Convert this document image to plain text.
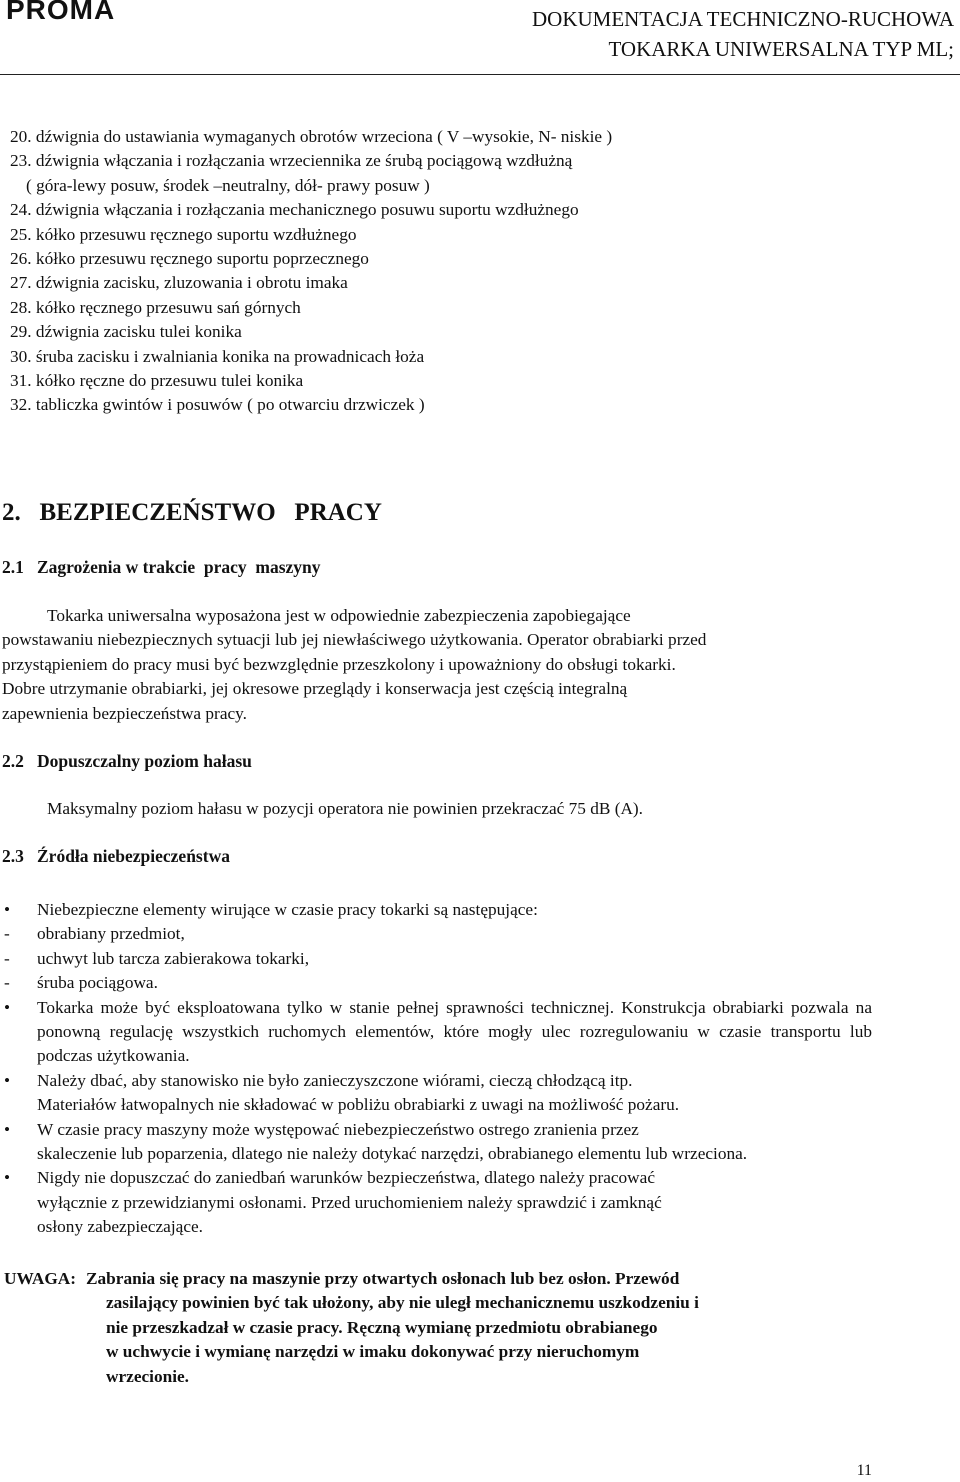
PROMA	DOKUMENTACJA TECHNICZNO-RUCHOWA
TOKARKA UNIWERSALNA TYP ML;
20. dźwignia do ustawiania wymaganych obrotów wrzeciona ( V –wysokie, N- niskie )
23. dźwignia włączania i rozłączania wrzeciennika ze śrubą pociągową wzdłużną
( góra-lewy posuw, środek –neutralny, dół- prawy posuw )
24. dźwignia włączania i rozłączania mechanicznego posuwu suportu wzdłużnego
25. kółko przesuwu ręcznego suportu wzdłużnego
26. kółko przesuwu ręcznego suportu poprzecznego
27. dźwignia zacisku, zluzowania i obrotu imaka
28. kółko ręcznego przesuwu sań górnych
29. dźwignia zacisku tulei konika
30. śruba zacisku i zwalniania konika na prowadnicach łoża
31. kółko ręczne do przesuwu tulei konika
32. tabliczka gwintów i posuwów ( po otwarciu drzwiczek )
2.   BEZPIECZEŃSTWO   PRACY
2.1   Zagrożenia w trakcie  pracy  maszyny
Tokarka uniwersalna wyposażona jest w odpowiednie zabezpieczenia zapobiegające
powstawaniu niebezpiecznych sytuacji lub jej niewłaściwego użytkowania. Operator obrabiarki przed
przystąpieniem do pracy musi być bezwzględnie przeszkolony i upoważniony do obsługi tokarki.
Dobre utrzymanie obrabiarki, jej okresowe przeglądy i konserwacja jest częścią integralną
zapewnienia bezpieczeństwa pracy.
2.2   Dopuszczalny poziom hałasu
Maksymalny poziom hałasu w pozycji operatora nie powinien przekraczać 75 dB (A).
2.3   Źródła niebezpieczeństwa
• Niebezpieczne elementy wirujące w czasie pracy tokarki są następujące:
- obrabiany przedmiot,
- uchwyt lub tarcza zabierakowa tokarki,
- śruba pociągowa.
• Tokarka może być eksploatowana tylko w stanie pełnej sprawności technicznej. Konstrukcja obrabiarki pozwala na ponowną regulację wszystkich ruchomych elementów, które mogły ulec rozregulowaniu w czasie transportu lub podczas użytkowania.
• Należy dbać, aby stanowisko nie było zanieczyszczone wiórami, cieczą chłodzącą itp.
Materiałów łatwopalnych nie składować w pobliżu obrabiarki z uwagi na możliwość pożaru.
• W czasie pracy maszyny może występować niebezpieczeństwo ostrego zranienia przez
skaleczenie lub poparzenia, dlatego nie należy dotykać narzędzi, obrabianego elementu lub wrzeciona.
• Nigdy nie dopuszczać do zaniedbań warunków bezpieczeństwa, dlatego należy pracować
wyłącznie z przewidzianymi osłonami. Przed uruchomieniem należy sprawdzić i zamknąć
osłony zabezpieczające.
UWAGA: Zabrania się pracy na maszynie przy otwartych osłonach lub bez osłon. Przewód
zasilający powinien być tak ułożony, aby nie uległ mechanicznemu uszkodzeniu i
nie przeszkadzał w czasie pracy. Ręczną wymianę przedmiotu obrabianego
w uchwycie i wymianę narzędzi w imaku dokonywać przy nieruchomym
wrzecionie.
11
